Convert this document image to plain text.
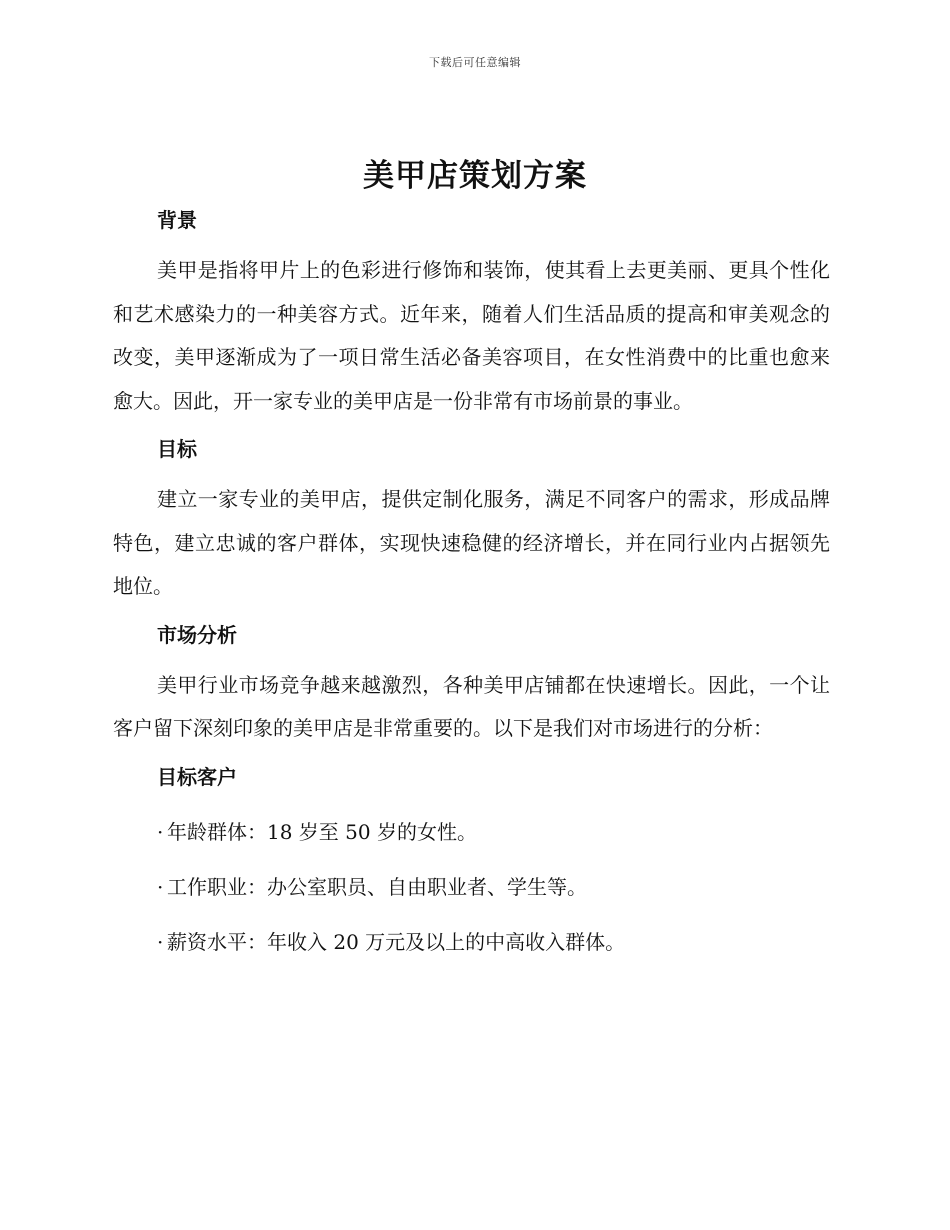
下载后可任意编辑
美甲店策划方案
背景

美甲是指将甲片上的色彩进行修饰和装饰，使其看上去更美丽、更具个性化和艺术感染力的一种美容方式。近年来，随着人们生活品质的提高和审美观念的改变，美甲逐渐成为了一项日常生活必备美容项目，在女性消费中的比重也愈来愈大。因此，开一家专业的美甲店是一份非常有市场前景的事业。

目标

建立一家专业的美甲店，提供定制化服务，满足不同客户的需求，形成品牌特色，建立忠诚的客户群体，实现快速稳健的经济增长，并在同行业内占据领先地位。

市场分析

美甲行业市场竞争越来越激烈，各种美甲店铺都在快速增长。因此，一个让客户留下深刻印象的美甲店是非常重要的。以下是我们对市场进行的分析：

目标客户
· 年龄群体：18 岁至 50 岁的女性。
· 工作职业：办公室职员、自由职业者、学生等。
· 薪资水平：年收入 20 万元及以上的中高收入群体。
